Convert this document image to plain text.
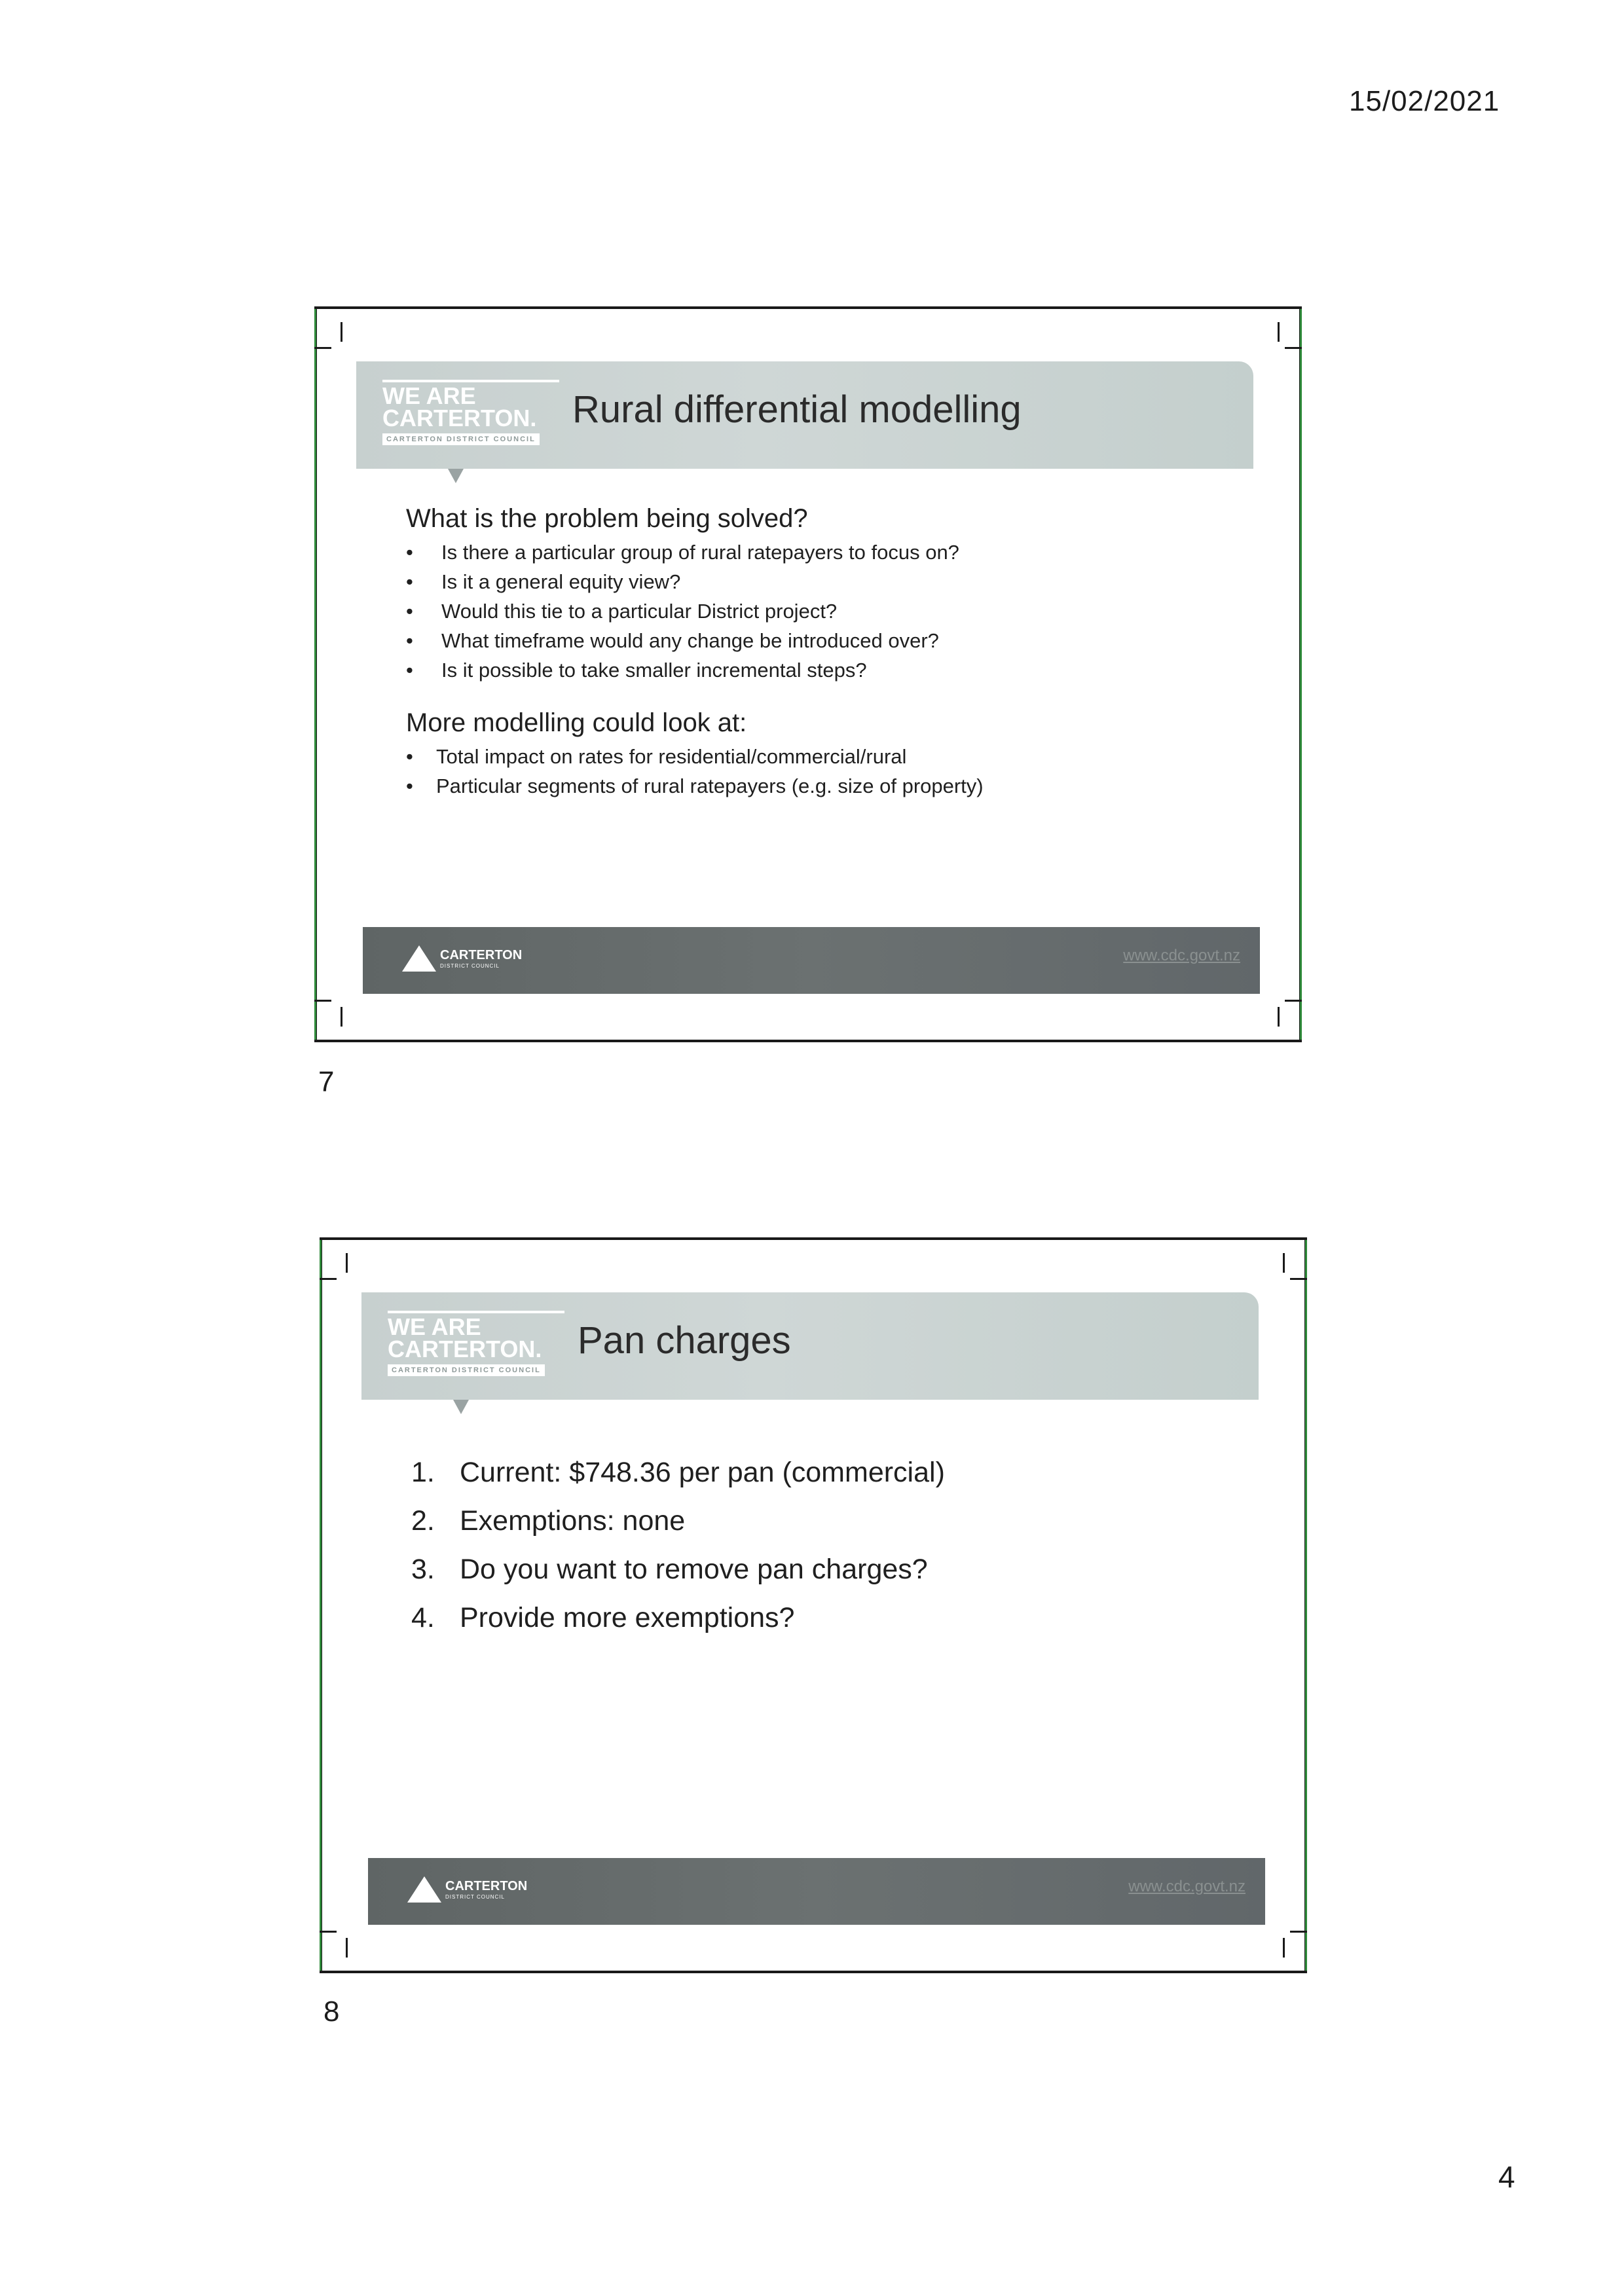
15/02/2021
WE ARE
CARTERTON.
CARTERTON DISTRICT COUNCIL
Rural differential modelling
What is the problem being solved?
• Is there a particular group of rural ratepayers to focus on?
• Is it a general equity view?
• Would this tie to a particular District project?
• What timeframe would any change be introduced over?
• Is it possible to take smaller incremental steps?
More modelling could look at:
• Total impact on rates for residential/commercial/rural
• Particular segments of rural ratepayers (e.g. size of property)
CARTERTON
DISTRICT COUNCIL
www.cdc.govt.nz
7
WE ARE
CARTERTON.
CARTERTON DISTRICT COUNCIL
Pan charges
1. Current: $748.36 per pan (commercial)
2. Exemptions: none
3. Do you want to remove pan charges?
4. Provide more exemptions?
CARTERTON
DISTRICT COUNCIL
www.cdc.govt.nz
8
4
